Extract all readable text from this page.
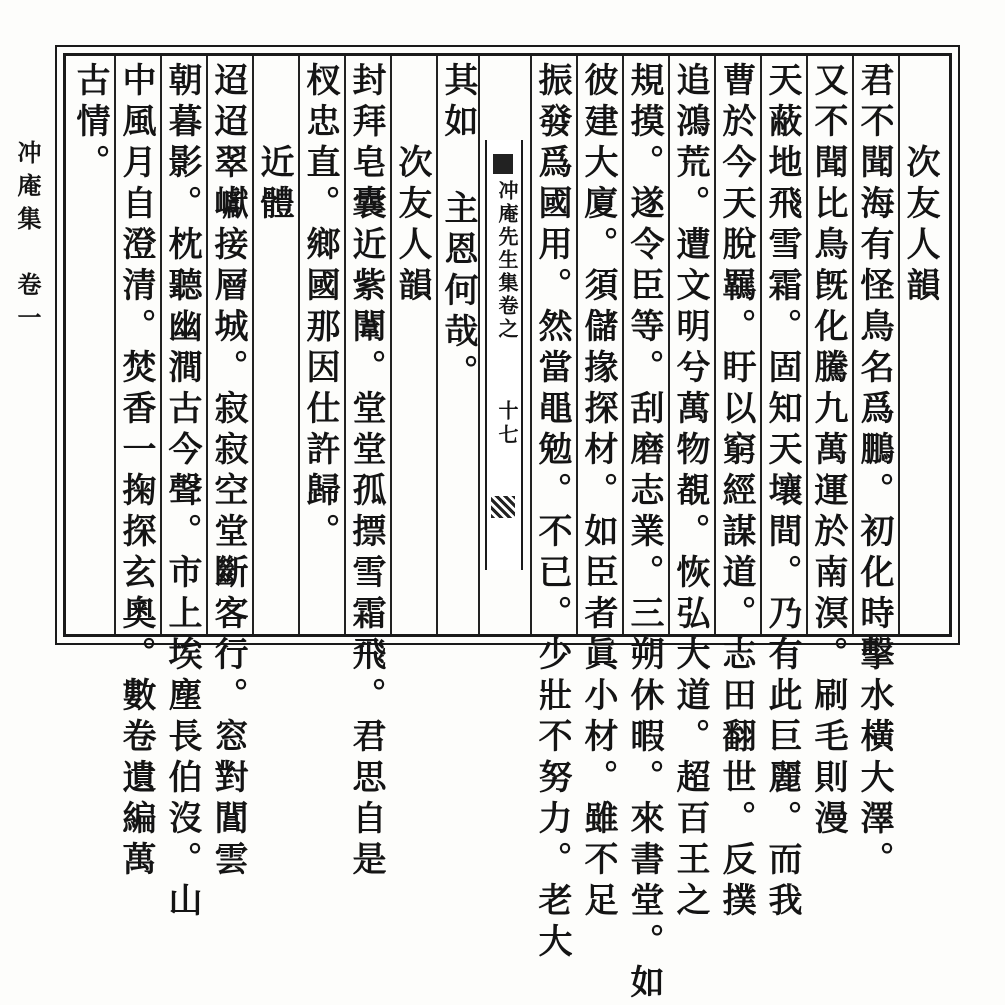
冲庵集　卷一	冲庵先生集卷之
十七
　　次友人韻
君不聞海有怪鳥名爲鵬。初化時擊水橫大澤。
又不聞比鳥旣化騰九萬運於南溟。刷毛則漫
天蔽地飛雪霜。固知天壤間。乃有此巨麗。而我
曹於今天脫羈。盱以窮經謀道。志田翻世。反撲
追鴻荒。遭文明兮萬物覩。恢弘大道。超百王之
規摸。遂令臣等。刮磨志業。三朔休暇。來書堂。如
彼建大廈。須儲掾探材。如臣者眞小材。雖不足
振發爲國用。然當黽勉。不已。少壯不努力。老大
其如
主恩何哉。
　　次友人韻
封拜皂囊近紫闈。堂堂孤摽雪霜飛。君思自是
杈忠直。鄉國那因仕許歸。
　　近體
迢迢翠巘接層城。寂寂空堂斷客行。窓對閶雲
朝暮影。枕聽幽澗古今聲。市上埃塵長伯沒。山
中風月自澄清。焚香一掬探玄奧。數卷遺編萬
古情。
